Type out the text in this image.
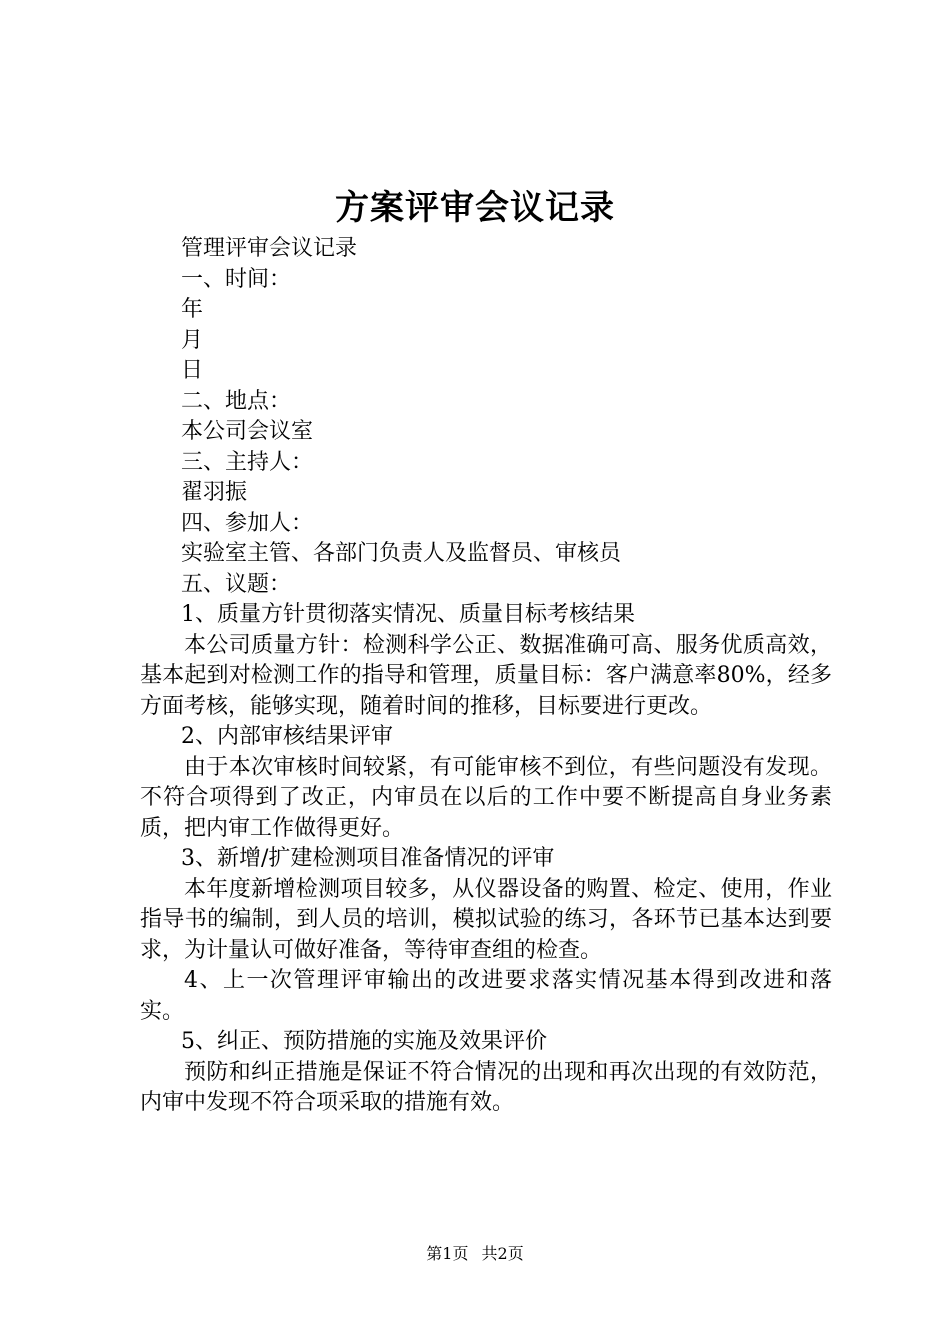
方案评审会议记录

管理评审会议记录

一、时间：

年

月

日

二、地点：

本公司会议室

三、主持人：

翟羽振

四、参加人：

实验室主管、各部门负责人及监督员、审核员

五、议题：

1、质量方针贯彻落实情况、质量目标考核结果

本公司质量方针：检测科学公正、数据准确可高、服务优质高效，基本起到对检测工作的指导和管理，质量目标：客户满意率80%，经多方面考核，能够实现，随着时间的推移，目标要进行更改。

2、内部审核结果评审

由于本次审核时间较紧，有可能审核不到位，有些问题没有发现。不符合项得到了改正，内审员在以后的工作中要不断提高自身业务素质，把内审工作做得更好。

3、新增/扩建检测项目准备情况的评审

本年度新增检测项目较多，从仪器设备的购置、检定、使用，作业指导书的编制，到人员的培训，模拟试验的练习，各环节已基本达到要求，为计量认可做好准备，等待审查组的检查。

4、上一次管理评审输出的改进要求落实情况基本得到改进和落实。

5、纠正、预防措施的实施及效果评价

预防和纠正措施是保证不符合情况的出现和再次出现的有效防范，内审中发现不符合项采取的措施有效。

第1页 共2页
